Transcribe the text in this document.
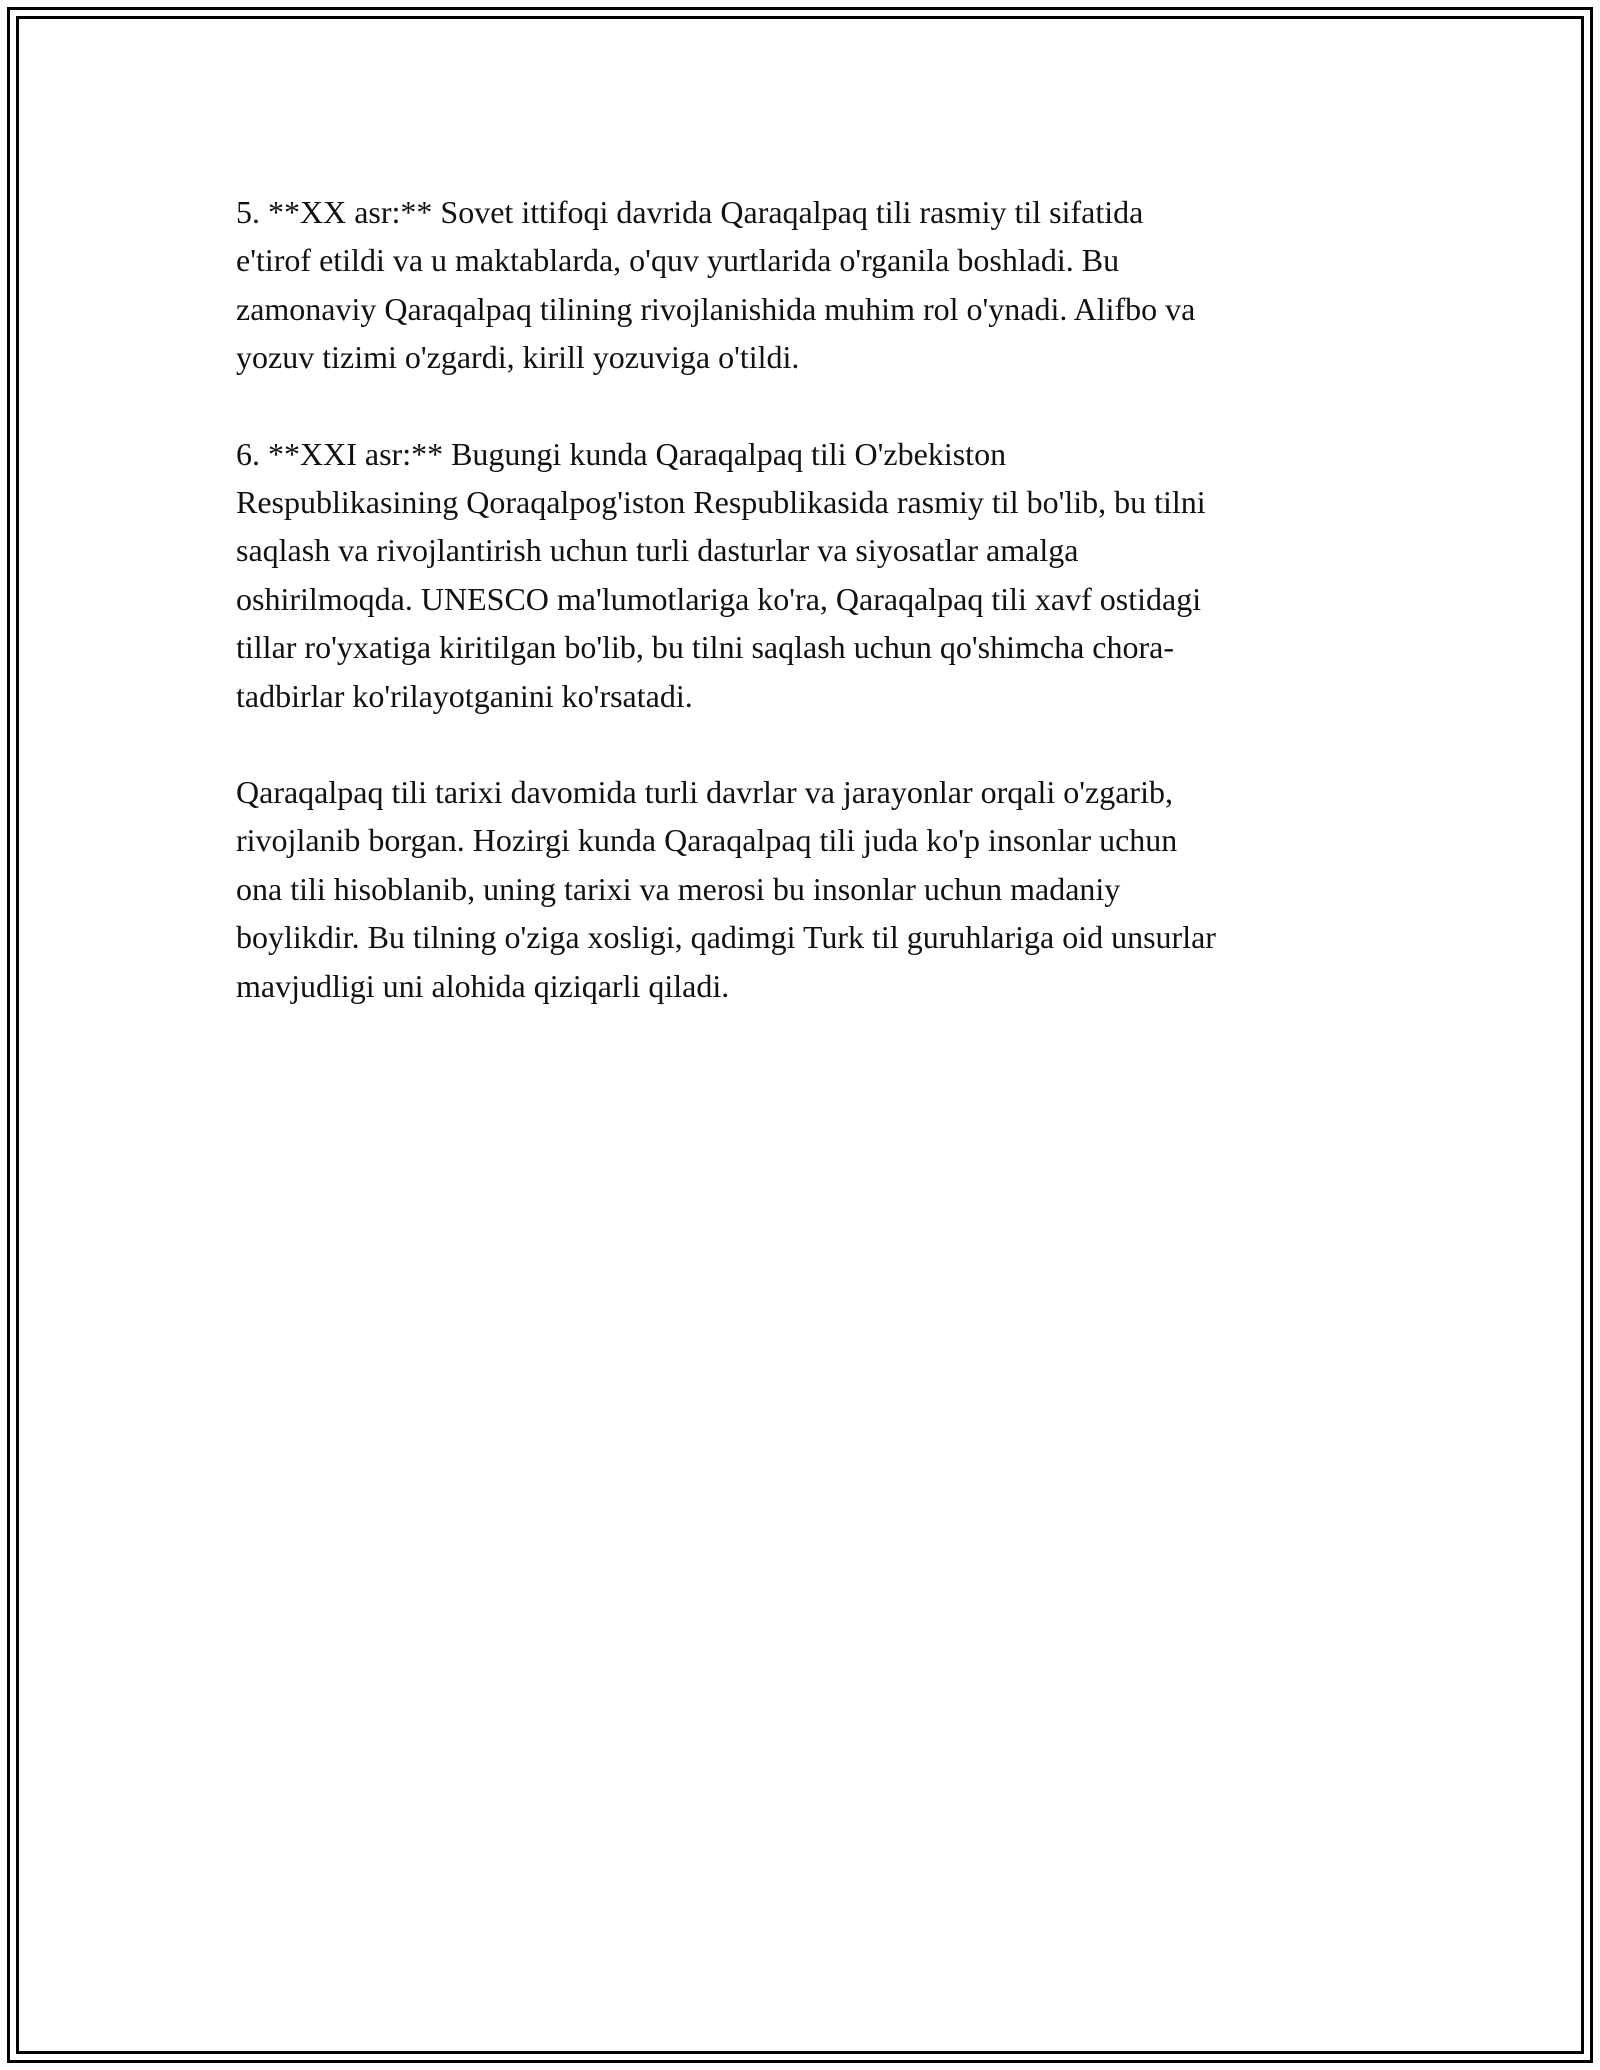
5. **XX asr:** Sovet ittifoqi davrida Qaraqalpaq tili rasmiy til sifatida
e'tirof etildi va u maktablarda, o'quv yurtlarida o'rganila boshladi. Bu
zamonaviy Qaraqalpaq tilining rivojlanishida muhim rol o'ynadi. Alifbo va
yozuv tizimi o'zgardi, kirill yozuviga o'tildi.

6. **XXI asr:** Bugungi kunda Qaraqalpaq tili O'zbekiston
Respublikasining Qoraqalpog'iston Respublikasida rasmiy til bo'lib, bu tilni
saqlash va rivojlantirish uchun turli dasturlar va siyosatlar amalga
oshirilmoqda. UNESCO ma'lumotlariga ko'ra, Qaraqalpaq tili xavf ostidagi
tillar ro'yxatiga kiritilgan bo'lib, bu tilni saqlash uchun qo'shimcha chora-
tadbirlar ko'rilayotganini ko'rsatadi.

Qaraqalpaq tili tarixi davomida turli davrlar va jarayonlar orqali o'zgarib,
rivojlanib borgan. Hozirgi kunda Qaraqalpaq tili juda ko'p insonlar uchun
ona tili hisoblanib, uning tarixi va merosi bu insonlar uchun madaniy
boylikdir. Bu tilning o'ziga xosligi, qadimgi Turk til guruhlariga oid unsurlar
mavjudligi uni alohida qiziqarli qiladi.
